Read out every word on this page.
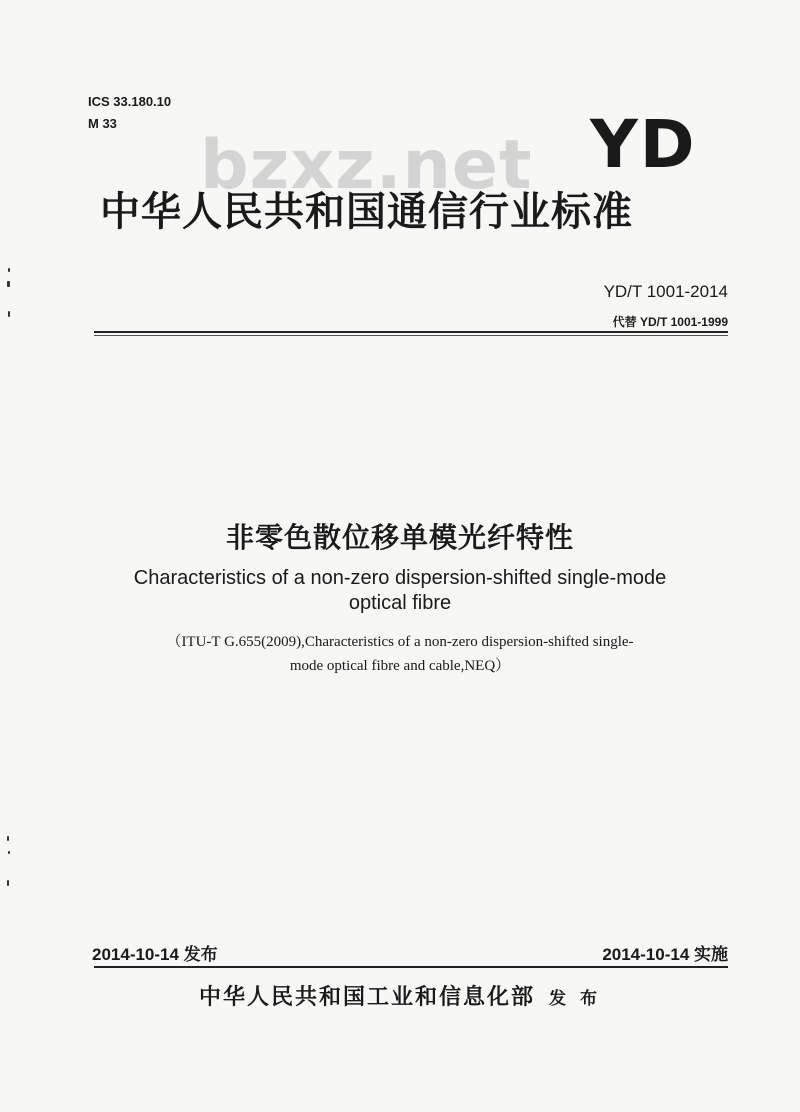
ICS 33.180.10
M 33
bzxz.net YD
中华人民共和国通信行业标准
YD/T 1001-2014
代替 YD/T 1001-1999
非零色散位移单模光纤特性
Characteristics of a non-zero dispersion-shifted single-mode
optical fibre
（ITU-T G.655(2009),Characteristics of a non-zero dispersion-shifted single-
mode optical fibre and cable,NEQ）
2014-10-14 发布	2014-10-14 实施
中华人民共和国工业和信息化部 发 布
